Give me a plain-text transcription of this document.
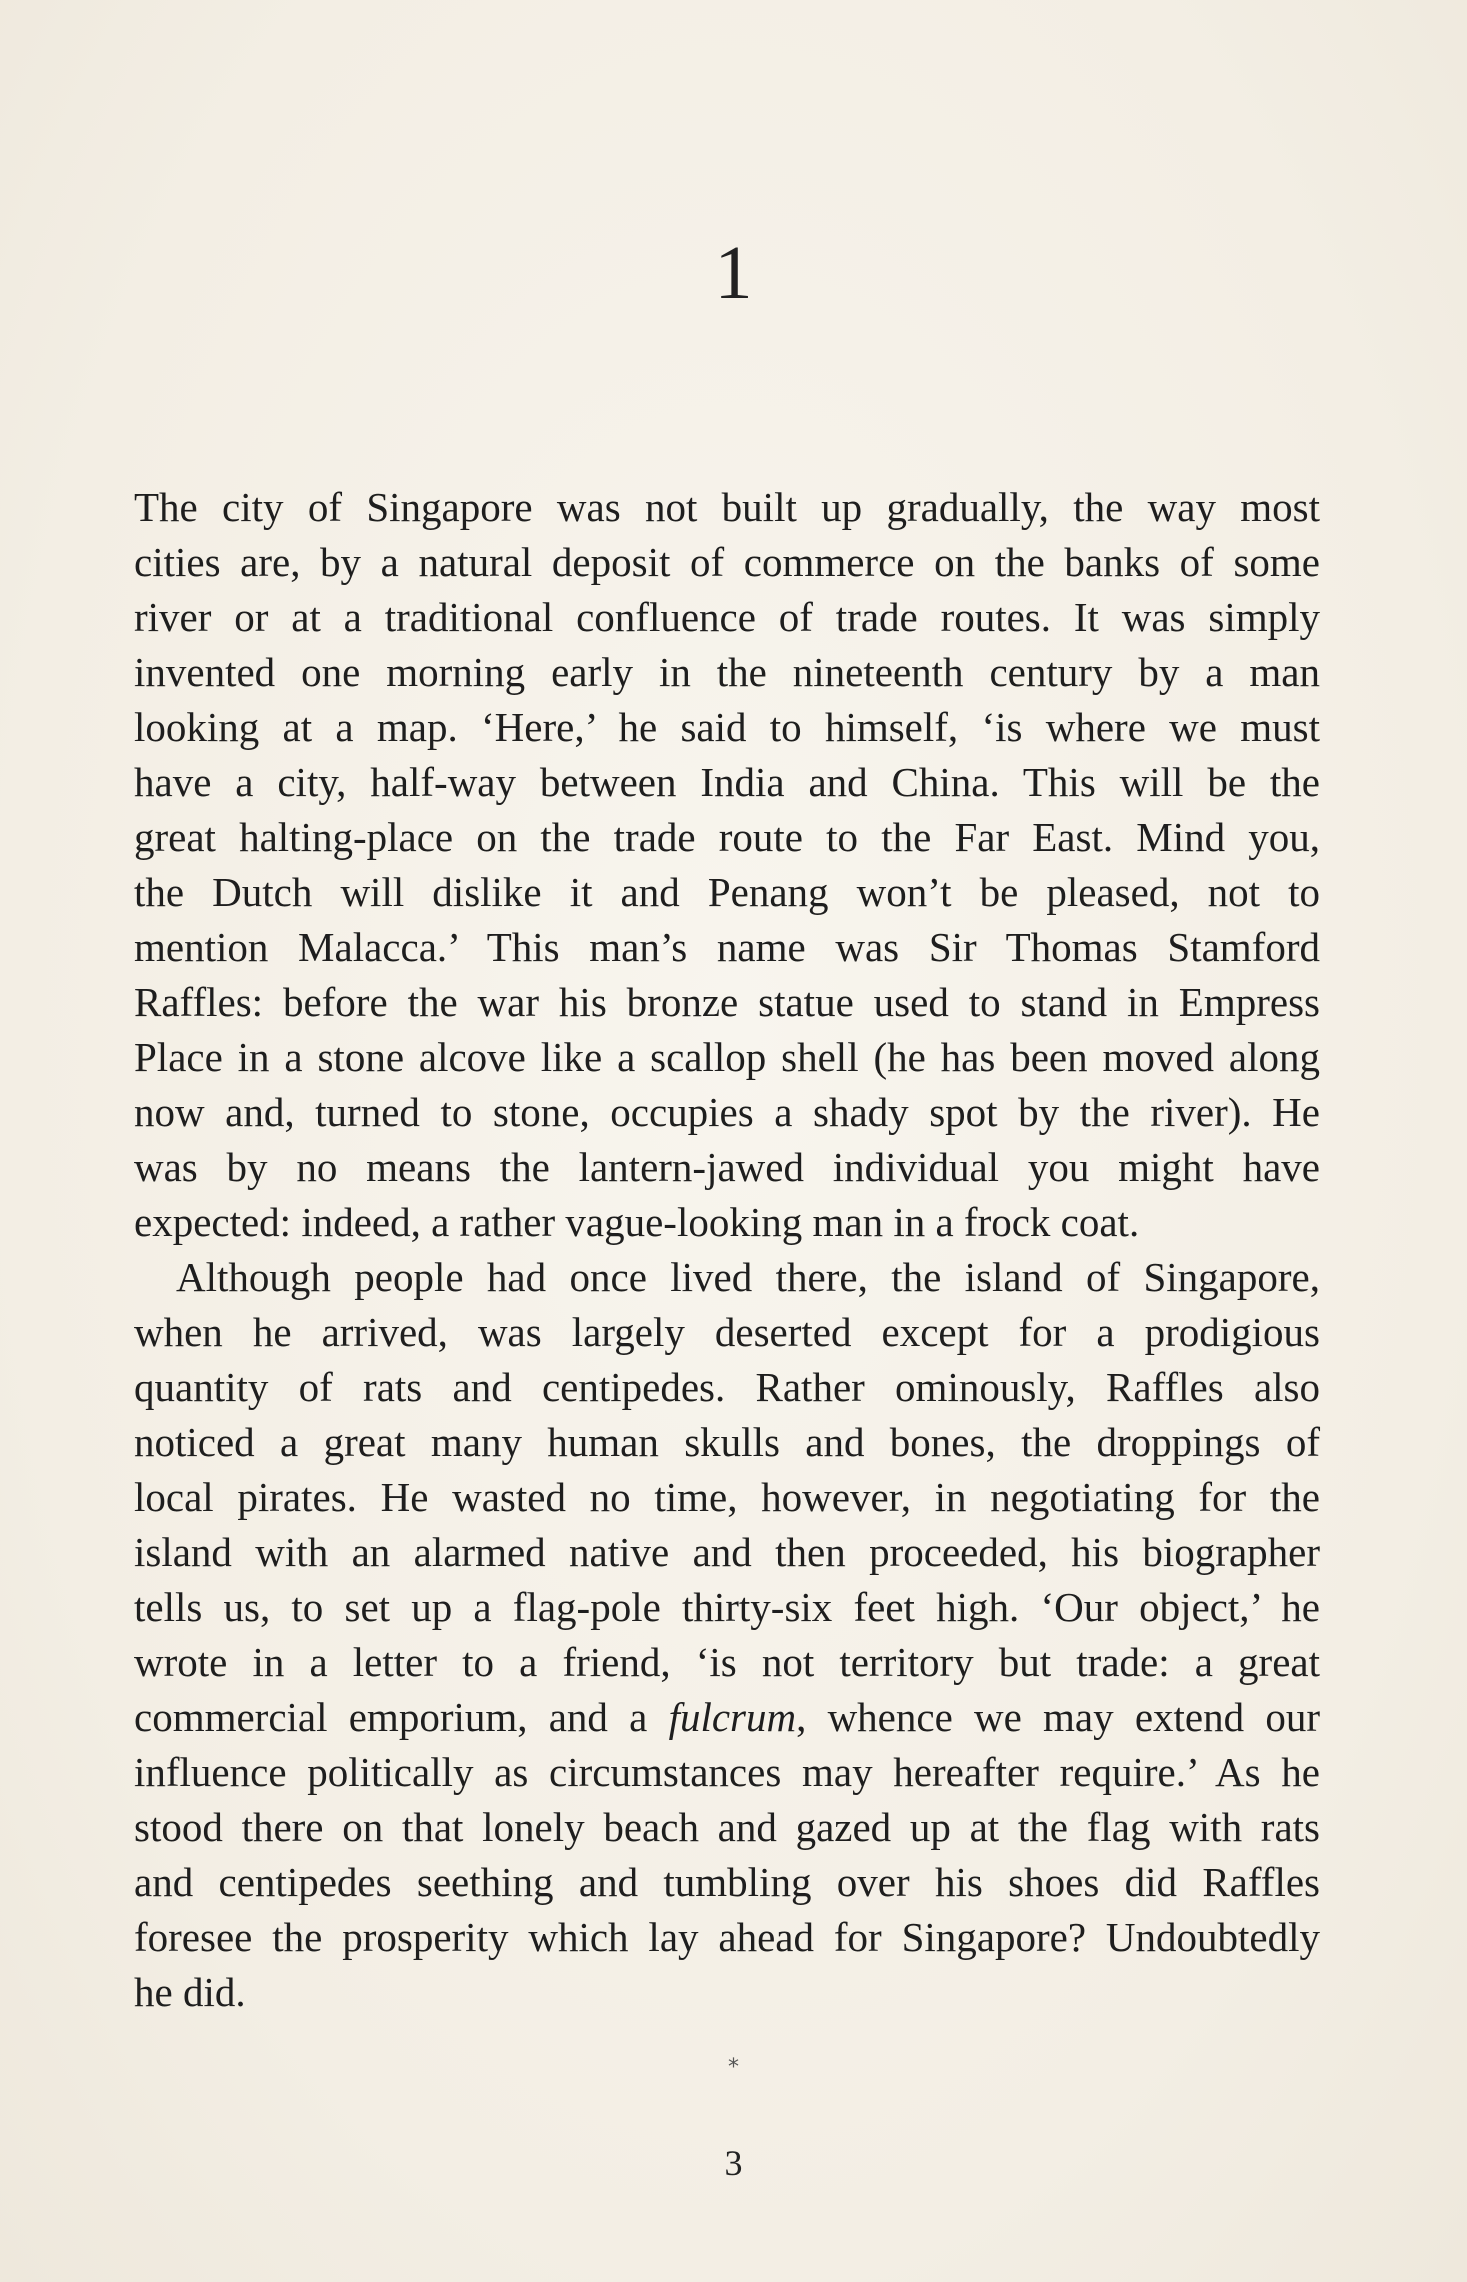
1
The city of Singapore was not built up gradually, the way most
cities are, by a natural deposit of commerce on the banks of some
river or at a traditional confluence of trade routes. It was simply
invented one morning early in the nineteenth century by a man
looking at a map. ‘Here,’ he said to himself, ‘is where we must
have a city, half-way between India and China. This will be the
great halting-place on the trade route to the Far East. Mind you,
the Dutch will dislike it and Penang won’t be pleased, not to
mention Malacca.’ This man’s name was Sir Thomas Stamford
Raffles: before the war his bronze statue used to stand in Empress
Place in a stone alcove like a scallop shell (he has been moved along
now and, turned to stone, occupies a shady spot by the river). He
was by no means the lantern-jawed individual you might have
expected: indeed, a rather vague-looking man in a frock coat.
Although people had once lived there, the island of Singapore,
when he arrived, was largely deserted except for a prodigious
quantity of rats and centipedes. Rather ominously, Raffles also
noticed a great many human skulls and bones, the droppings of
local pirates. He wasted no time, however, in negotiating for the
island with an alarmed native and then proceeded, his biographer
tells us, to set up a flag-pole thirty-six feet high. ‘Our object,’ he
wrote in a letter to a friend, ‘is not territory but trade: a great
commercial emporium, and a fulcrum, whence we may extend our
influence politically as circumstances may hereafter require.’ As he
stood there on that lonely beach and gazed up at the flag with rats
and centipedes seething and tumbling over his shoes did Raffles
foresee the prosperity which lay ahead for Singapore? Undoubtedly
he did.
*
3
